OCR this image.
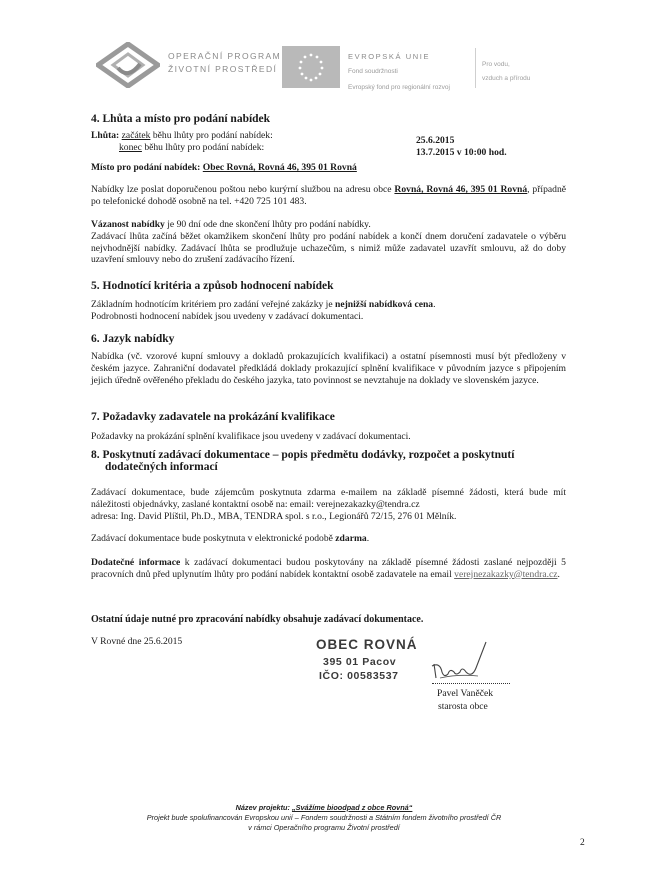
OPERAČNÍ PROGRAM
ŽIVOTNÍ PROSTŘEDÍ
EVROPSKÁ UNIE
Fond soudržnosti
Evropský fond pro regionální rozvoj
Pro vodu,
vzduch a přírodu
4. Lhůta a místo pro podání nabídek
Lhůta: začátek běhu lhůty pro podání nabídek:	25.6.2015
konec běhu lhůty pro podání nabídek:	13.7.2015 v 10:00 hod.
Místo pro podání nabídek: Obec Rovná, Rovná 46, 395 01 Rovná
Nabídky lze poslat doporučenou poštou nebo kurýrní službou na adresu obce Rovná, Rovná 46, 395 01 Rovná, případně po telefonické dohodě osobně na tel. +420 725 101 483.
Vázanost nabídky je 90 dní ode dne skončení lhůty pro podání nabídky.
Zadávací lhůta začíná běžet okamžikem skončení lhůty pro podání nabídek a končí dnem doručení zadavatele o výběru nejvhodnější nabídky. Zadávací lhůta se prodlužuje uchazečům, s nimiž může zadavatel uzavřít smlouvu, až do doby uzavření smlouvy nebo do zrušení zadávacího řízení.
5. Hodnotící kritéria a způsob hodnocení nabídek
Základním hodnotícím kritériem pro zadání veřejné zakázky je nejnižší nabídková cena.
Podrobnosti hodnocení nabídek jsou uvedeny v zadávací dokumentaci.
6. Jazyk nabídky
Nabídka (vč. vzorové kupní smlouvy a dokladů prokazujících kvalifikaci) a ostatní písemnosti musí být předloženy v českém jazyce. Zahraniční dodavatel předkládá doklady prokazující splnění kvalifikace v původním jazyce s připojením jejich úředně ověřeného překladu do českého jazyka, tato povinnost se nevztahuje na doklady ve slovenském jazyce.
7. Požadavky zadavatele na prokázání kvalifikace
Požadavky na prokázání splnění kvalifikace jsou uvedeny v zadávací dokumentaci.
8. Poskytnutí zadávací dokumentace – popis předmětu dodávky, rozpočet a poskytnutí
dodatečných informací
Zadávací dokumentace, bude zájemcům poskytnuta zdarma e-mailem na základě písemné žádosti, která bude mít náležitosti objednávky, zaslané kontaktní osobě na: email: verejnezakazky@tendra.cz
adresa: Ing. David Plíštil, Ph.D., MBA, TENDRA spol. s r.o., Legionářů 72/15, 276 01 Mělník.
Zadávací dokumentace bude poskytnuta v elektronické podobě zdarma.
Dodatečné informace k zadávací dokumentaci budou poskytovány na základě písemné žádosti zaslané nejpozději 5 pracovních dnů před uplynutím lhůty pro podání nabídek kontaktní osobě zadavatele na email verejnezakazky@tendra.cz.
Ostatní údaje nutné pro zpracování nabídky obsahuje zadávací dokumentace.
V Rovné dne 25.6.2015	OBEC ROVNÁ
395 01 Pacov
IČO: 00583537
Pavel Vaněček
starosta obce
Název projektu: „Svážíme bioodpad z obce Rovná“
Projekt bude spolufinancován Evropskou unií – Fondem soudržnosti a Státním fondem životního prostředí ČR
v rámci Operačního programu Životní prostředí
2
